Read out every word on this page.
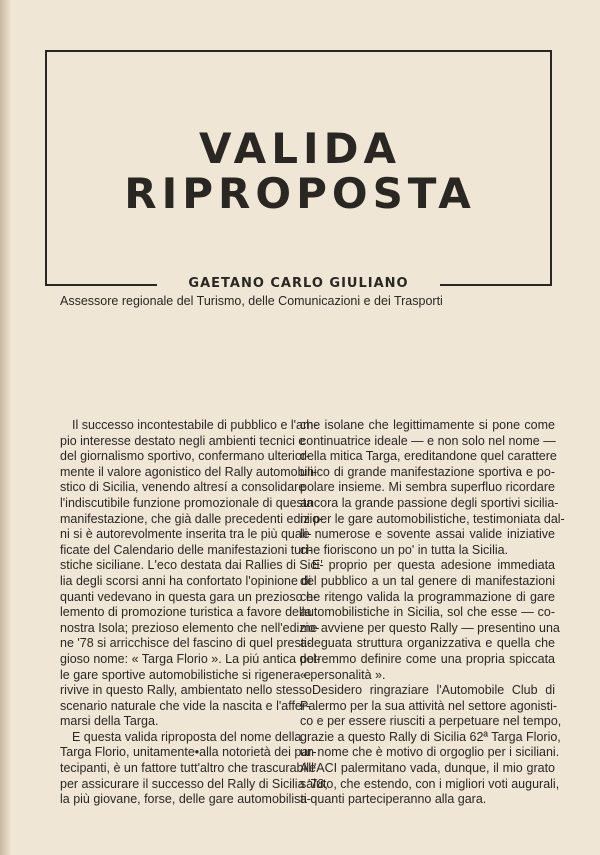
VALIDA
RIPROPOSTA
GAETANO CARLO GIULIANO
Assessore regionale del Turismo, delle Comunicazioni e dei Trasporti
Il successo incontestabile di pubblico e l'am-
pio interesse destato negli ambienti tecnici e
del giornalismo sportivo, confermano ulterior-
mente il valore agonistico del Rally automobili-
stico di Sicilia, venendo altresí a consolidare
l'indiscutibile funzione promozionale di questa
manifestazione, che già dalle precedenti edizio-
ni si è autorevolmente inserita tra le più quali-
ficate del Calendario delle manifestazioni turi-
stiche siciliane. L'eco destata dai Rallies di Sici-
lia degli scorsi anni ha confortato l'opinione di
quanti vedevano in questa gara un prezioso e-
lemento di promozione turistica a favore della
nostra Isola; prezioso elemento che nell'edizio-
ne '78 si arricchisce del fascino di quel presti-
gioso nome: « Targa Florio ». La piú antica del-
le gare sportive automobilistiche si rigenera e
rivive in questo Rally, ambientato nello stesso
scenario naturale che vide la nascita e l'affer-
marsi della Targa.
E questa valida riproposta del nome della
Targa Florio, unitamente•alla notorietà dei par-
tecipanti, è un fattore tutt'altro che trascurabile
per assicurare il successo del Rally di Sicilia '78,
la più giovane, forse, delle gare automobilisti-
che isolane che legittimamente si pone come
continuatrice ideale — e non solo nel nome —
della mitica Targa, ereditandone quel carattere
unico di grande manifestazione sportiva e po-
polare insieme. Mi sembra superfluo ricordare
ancora la grande passione degli sportivi sicilia-
ni per le gare automobilistiche, testimoniata dal-
le numerose e sovente assai valide iniziative
che fioriscono un po' in tutta la Sicilia.
E' proprio per questa adesione immediata
del pubblico a un tal genere di manifestazioni
che ritengo valida la programmazione di gare
automobilistiche in Sicilia, sol che esse — co-
me avviene per questo Rally — presentino una
adeguata struttura organizzativa e quella che
potremmo definire come una propria spiccata
« personalità ».
Desidero ringraziare l'Automobile Club di
Palermo per la sua attività nel settore agonisti-
co e per essere riusciti a perpetuare nel tempo,
grazie a questo Rally di Sicilia 62ª Targa Florio,
un nome che è motivo di orgoglio per i siciliani.
All'ACI palermitano vada, dunque, il mio grato
saluto, che estendo, con i migliori voti augurali,
a quanti parteciperanno alla gara.
